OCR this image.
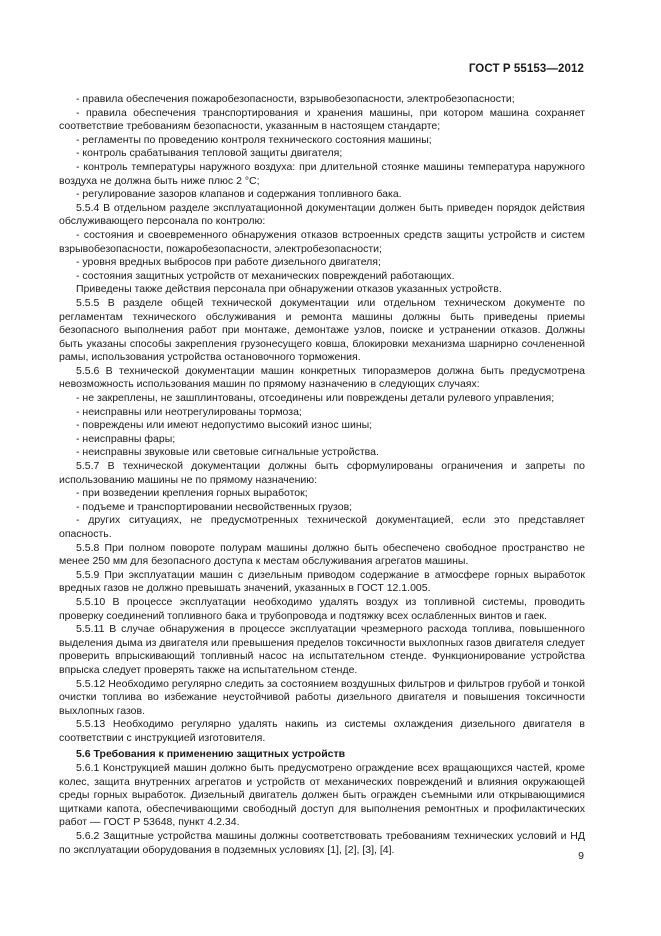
ГОСТ Р 55153—2012

- правила обеспечения пожаробезопасности, взрывобезопасности, электробезопасности;

- правила обеспечения транспортирования и хранения машины, при котором машина сохраняет соответствие требованиям безопасности, указанным в настоящем стандарте;

- регламенты по проведению контроля технического состояния машины;

- контроль срабатывания тепловой защиты двигателя;

- контроль температуры наружного воздуха: при длительной стоянке машины температура наружного воздуха не должна быть ниже плюс 2 °С;

- регулирование зазоров клапанов и содержания топливного бака.

5.5.4 В отдельном разделе эксплуатационной документации должен быть приведен порядок действия обслуживающего персонала по контролю:

- состояния и своевременного обнаружения отказов встроенных средств защиты устройств и систем взрывобезопасности, пожаробезопасности, электробезопасности;

- уровня вредных выбросов при работе дизельного двигателя;

- состояния защитных устройств от механических повреждений работающих.

Приведены также действия персонала при обнаружении отказов указанных устройств.

5.5.5 В разделе общей технической документации или отдельном техническом документе по регламентам технического обслуживания и ремонта машины должны быть приведены приемы безопасного выполнения работ при монтаже, демонтаже узлов, поиске и устранении отказов. Должны быть указаны способы закрепления грузонесущего ковша, блокировки механизма шарнирно сочлененной рамы, использования устройства остановочного торможения.

5.5.6 В технической документации машин конкретных типоразмеров должна быть предусмотрена невозможность использования машин по прямому назначению в следующих случаях:

- не закреплены, не зашплинтованы, отсоединены или повреждены детали рулевого управления;

- неисправны или неотрегулированы тормоза;

- повреждены или имеют недопустимо высокий износ шины;

- неисправны фары;

- неисправны звуковые или световые сигнальные устройства.

5.5.7 В технической документации должны быть сформулированы ограничения и запреты по использованию машины не по прямому назначению:

- при возведении крепления горных выработок;

- подъеме и транспортировании несвойственных грузов;

- других ситуациях, не предусмотренных технической документацией, если это представляет опасность.

5.5.8 При полном повороте полурам машины должно быть обеспечено свободное пространство не менее 250 мм для безопасного доступа к местам обслуживания агрегатов машины.

5.5.9 При эксплуатации машин с дизельным приводом содержание в атмосфере горных выработок вредных газов не должно превышать значений, указанных в ГОСТ 12.1.005.

5.5.10 В процессе эксплуатации необходимо удалять воздух из топливной системы, проводить проверку соединений топливного бака и трубопровода и подтяжку всех ослабленных винтов и гаек.

5.5.11 В случае обнаружения в процессе эксплуатации чрезмерного расхода топлива, повышенного выделения дыма из двигателя или превышения пределов токсичности выхлопных газов двигателя следует проверить впрыскивающий топливный насос на испытательном стенде. Функционирование устройства впрыска следует проверять также на испытательном стенде.

5.5.12 Необходимо регулярно следить за состоянием воздушных фильтров и фильтров грубой и тонкой очистки топлива во избежание неустойчивой работы дизельного двигателя и повышения токсичности выхлопных газов.

5.5.13 Необходимо регулярно удалять накипь из системы охлаждения дизельного двигателя в соответствии с инструкцией изготовителя.

5.6 Требования к применению защитных устройств

5.6.1 Конструкцией машин должно быть предусмотрено ограждение всех вращающихся частей, кроме колес, защита внутренних агрегатов и устройств от механических повреждений и влияния окружающей среды горных выработок. Дизельный двигатель должен быть огражден съемными или открывающимися щитками капота, обеспечивающими свободный доступ для выполнения ремонтных и профилактических работ — ГОСТ Р 53648, пункт 4.2.34.

5.6.2 Защитные устройства машины должны соответствовать требованиям технических условий и НД по эксплуатации оборудования в подземных условиях [1], [2], [3], [4].

9
